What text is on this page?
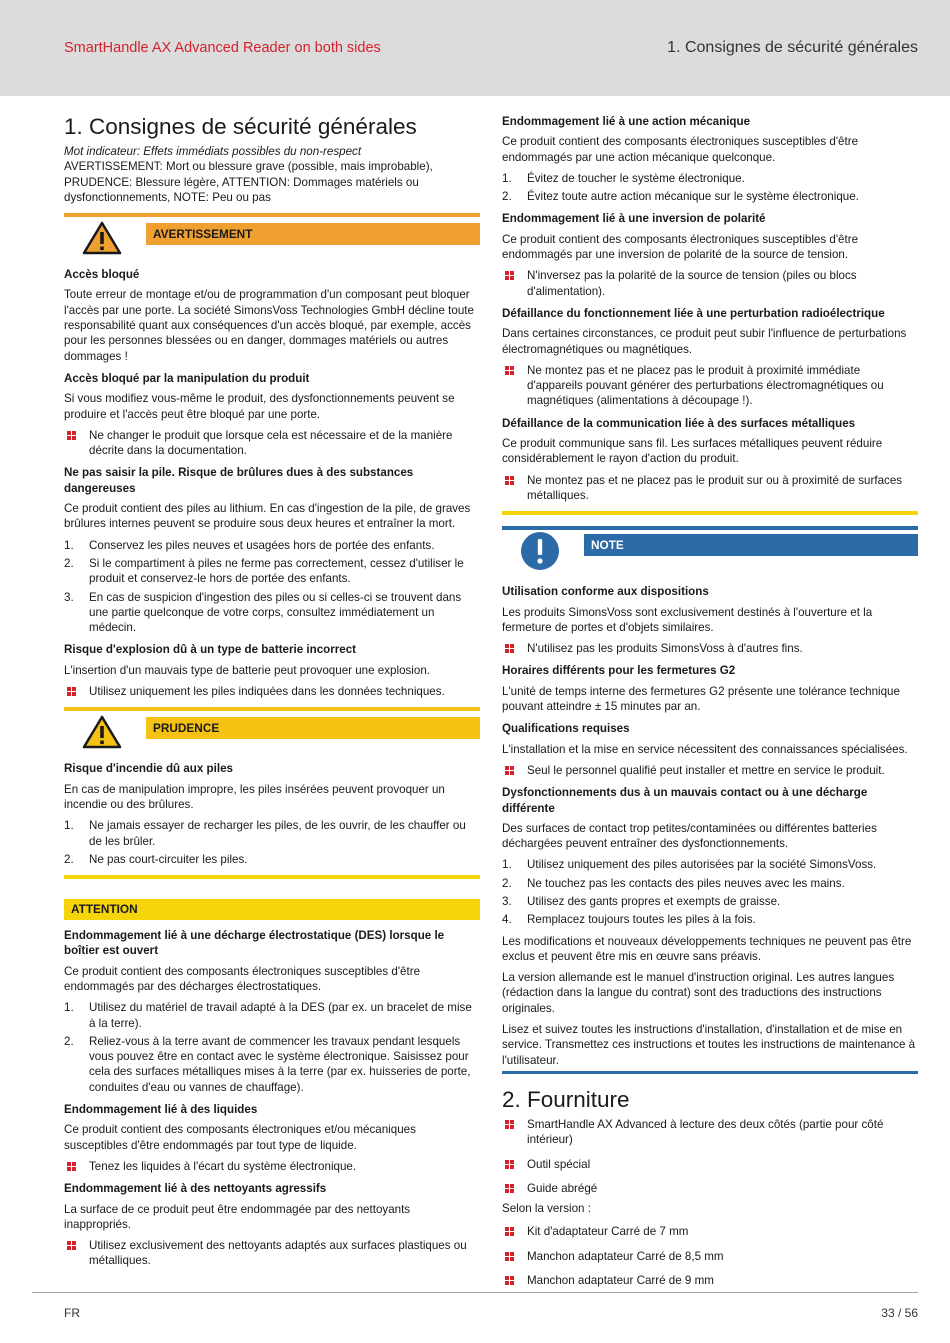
SmartHandle AX Advanced Reader on both sides	1. Consignes de sécurité générales
1. Consignes de sécurité générales

Mot indicateur: Effets immédiats possibles du non-respect

AVERTISSEMENT: Mort ou blessure grave (possible, mais improbable), PRUDENCE: Blessure légère, ATTENTION: Dommages matériels ou dysfonctionnements, NOTE: Peu ou pas

AVERTISSEMENT
Accès bloqué

Toute erreur de montage et/ou de programmation d'un composant peut bloquer l'accès par une porte. La société SimonsVoss Technologies GmbH décline toute responsabilité quant aux conséquences d'un accès bloqué, par exemple, accès pour les personnes blessées ou en danger, dommages matériels ou autres dommages !

Accès bloqué par la manipulation du produit

Si vous modifiez vous-même le produit, des dysfonctionnements peuvent se produire et l'accès peut être bloqué par une porte.

Ne changer le produit que lorsque cela est nécessaire et de la manière décrite dans la documentation.
Ne pas saisir la pile. Risque de brûlures dues à des substances dangereuses

Ce produit contient des piles au lithium. En cas d'ingestion de la pile, de graves brûlures internes peuvent se produire sous deux heures et entraîner la mort.

1. Conservez les piles neuves et usagées hors de portée des enfants.
2. Si le compartiment à piles ne ferme pas correctement, cessez d'utiliser le produit et conservez-le hors de portée des enfants.
3. En cas de suspicion d'ingestion des piles ou si celles-ci se trouvent dans une partie quelconque de votre corps, consultez immédiatement un médecin.
Risque d'explosion dû à un type de batterie incorrect

L'insertion d'un mauvais type de batterie peut provoquer une explosion.

Utilisez uniquement les piles indiquées dans les données techniques.
PRUDENCE
Risque d'incendie dû aux piles

En cas de manipulation impropre, les piles insérées peuvent provoquer un incendie ou des brûlures.

1. Ne jamais essayer de recharger les piles, de les ouvrir, de les chauffer ou de les brûler.
2. Ne pas court-circuiter les piles.
ATTENTION
Endommagement lié à une décharge électrostatique (DES) lorsque le boîtier est ouvert

Ce produit contient des composants électroniques susceptibles d'être endommagés par des décharges électrostatiques.

1. Utilisez du matériel de travail adapté à la DES (par ex. un bracelet de mise à la terre).
2. Reliez-vous à la terre avant de commencer les travaux pendant lesquels vous pouvez être en contact avec le système électronique. Saisissez pour cela des surfaces métalliques mises à la terre (par ex. huisseries de porte, conduites d'eau ou vannes de chauffage).
Endommagement lié à des liquides

Ce produit contient des composants électroniques et/ou mécaniques susceptibles d'être endommagés par tout type de liquide.

Tenez les liquides à l'écart du système électronique.
Endommagement lié à des nettoyants agressifs

La surface de ce produit peut être endommagée par des nettoyants inappropriés.

Utilisez exclusivement des nettoyants adaptés aux surfaces plastiques ou métalliques.
Endommagement lié à une action mécanique

Ce produit contient des composants électroniques susceptibles d'être endommagés par une action mécanique quelconque.

1. Évitez de toucher le système électronique.
2. Évitez toute autre action mécanique sur le système électronique.
Endommagement lié à une inversion de polarité

Ce produit contient des composants électroniques susceptibles d'être endommagés par une inversion de polarité de la source de tension.

N'inversez pas la polarité de la source de tension (piles ou blocs d'alimentation).
Défaillance du fonctionnement liée à une perturbation radioélectrique

Dans certaines circonstances, ce produit peut subir l'influence de perturbations électromagnétiques ou magnétiques.

Ne montez pas et ne placez pas le produit à proximité immédiate d'appareils pouvant générer des perturbations électromagnétiques ou magnétiques (alimentations à découpage !).
Défaillance de la communication liée à des surfaces métalliques

Ce produit communique sans fil. Les surfaces métalliques peuvent réduire considérablement le rayon d'action du produit.

Ne montez pas et ne placez pas le produit sur ou à proximité de surfaces métalliques.
NOTE
Utilisation conforme aux dispositions

Les produits SimonsVoss sont exclusivement destinés à l'ouverture et la fermeture de portes et d'objets similaires.

N'utilisez pas les produits SimonsVoss à d'autres fins.
Horaires différents pour les fermetures G2

L'unité de temps interne des fermetures G2 présente une tolérance technique pouvant atteindre ± 15 minutes par an.

Qualifications requises

L'installation et la mise en service nécessitent des connaissances spécialisées.

Seul le personnel qualifié peut installer et mettre en service le produit.
Dysfonctionnements dus à un mauvais contact ou à une décharge différente

Des surfaces de contact trop petites/contaminées ou différentes batteries déchargées peuvent entraîner des dysfonctionnements.

1. Utilisez uniquement des piles autorisées par la société SimonsVoss.
2. Ne touchez pas les contacts des piles neuves avec les mains.
3. Utilisez des gants propres et exempts de graisse.
4. Remplacez toujours toutes les piles à la fois.

Les modifications et nouveaux développements techniques ne peuvent pas être exclus et peuvent être mis en œuvre sans préavis.

La version allemande est le manuel d'instruction original. Les autres langues (rédaction dans la langue du contrat) sont des traductions des instructions originales.

Lisez et suivez toutes les instructions d'installation, d'installation et de mise en service. Transmettez ces instructions et toutes les instructions de maintenance à l'utilisateur.

2. Fourniture
SmartHandle AX Advanced à lecture des deux côtés (partie pour côté intérieur)
Outil spécial
Guide abrégé

Selon la version :

Kit d'adaptateur Carré de 7 mm
Manchon adaptateur Carré de 8,5 mm
Manchon adaptateur Carré de 9 mm
FR	33 / 56
